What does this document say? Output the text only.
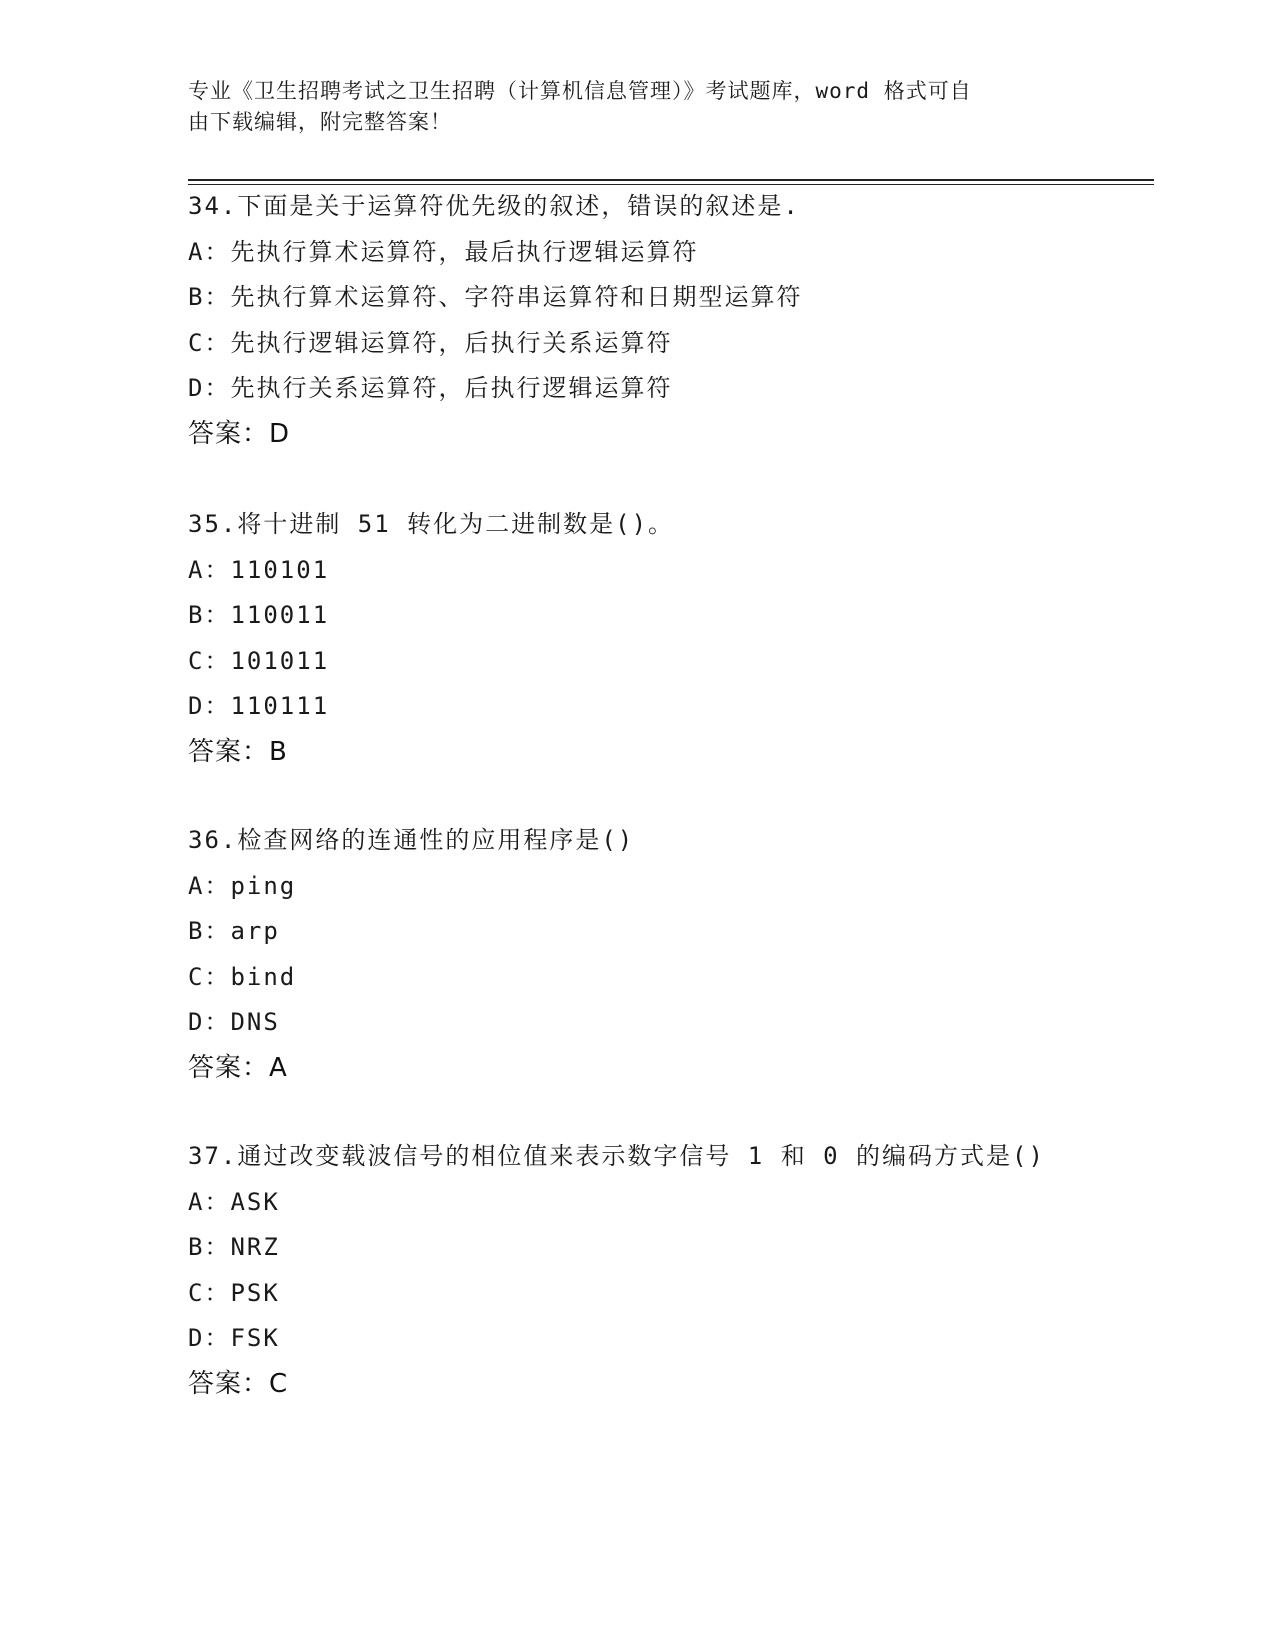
专业《卫生招聘考试之卫生招聘（计算机信息管理）》考试题库，word 格式可自
由下载编辑，附完整答案！
34.下面是关于运算符优先级的叙述，错误的叙述是.
A：先执行算术运算符，最后执行逻辑运算符
B：先执行算术运算符、字符串运算符和日期型运算符
C：先执行逻辑运算符，后执行关系运算符
D：先执行关系运算符，后执行逻辑运算符
答案：D
35.将十进制 51 转化为二进制数是()。
A：110101
B：110011
C：101011
D：110111
答案：B
36.检查网络的连通性的应用程序是()
A：ping
B：arp
C：bind
D：DNS
答案：A
37.通过改变载波信号的相位值来表示数字信号 1 和 0 的编码方式是()
A：ASK
B：NRZ
C：PSK
D：FSK
答案：C
